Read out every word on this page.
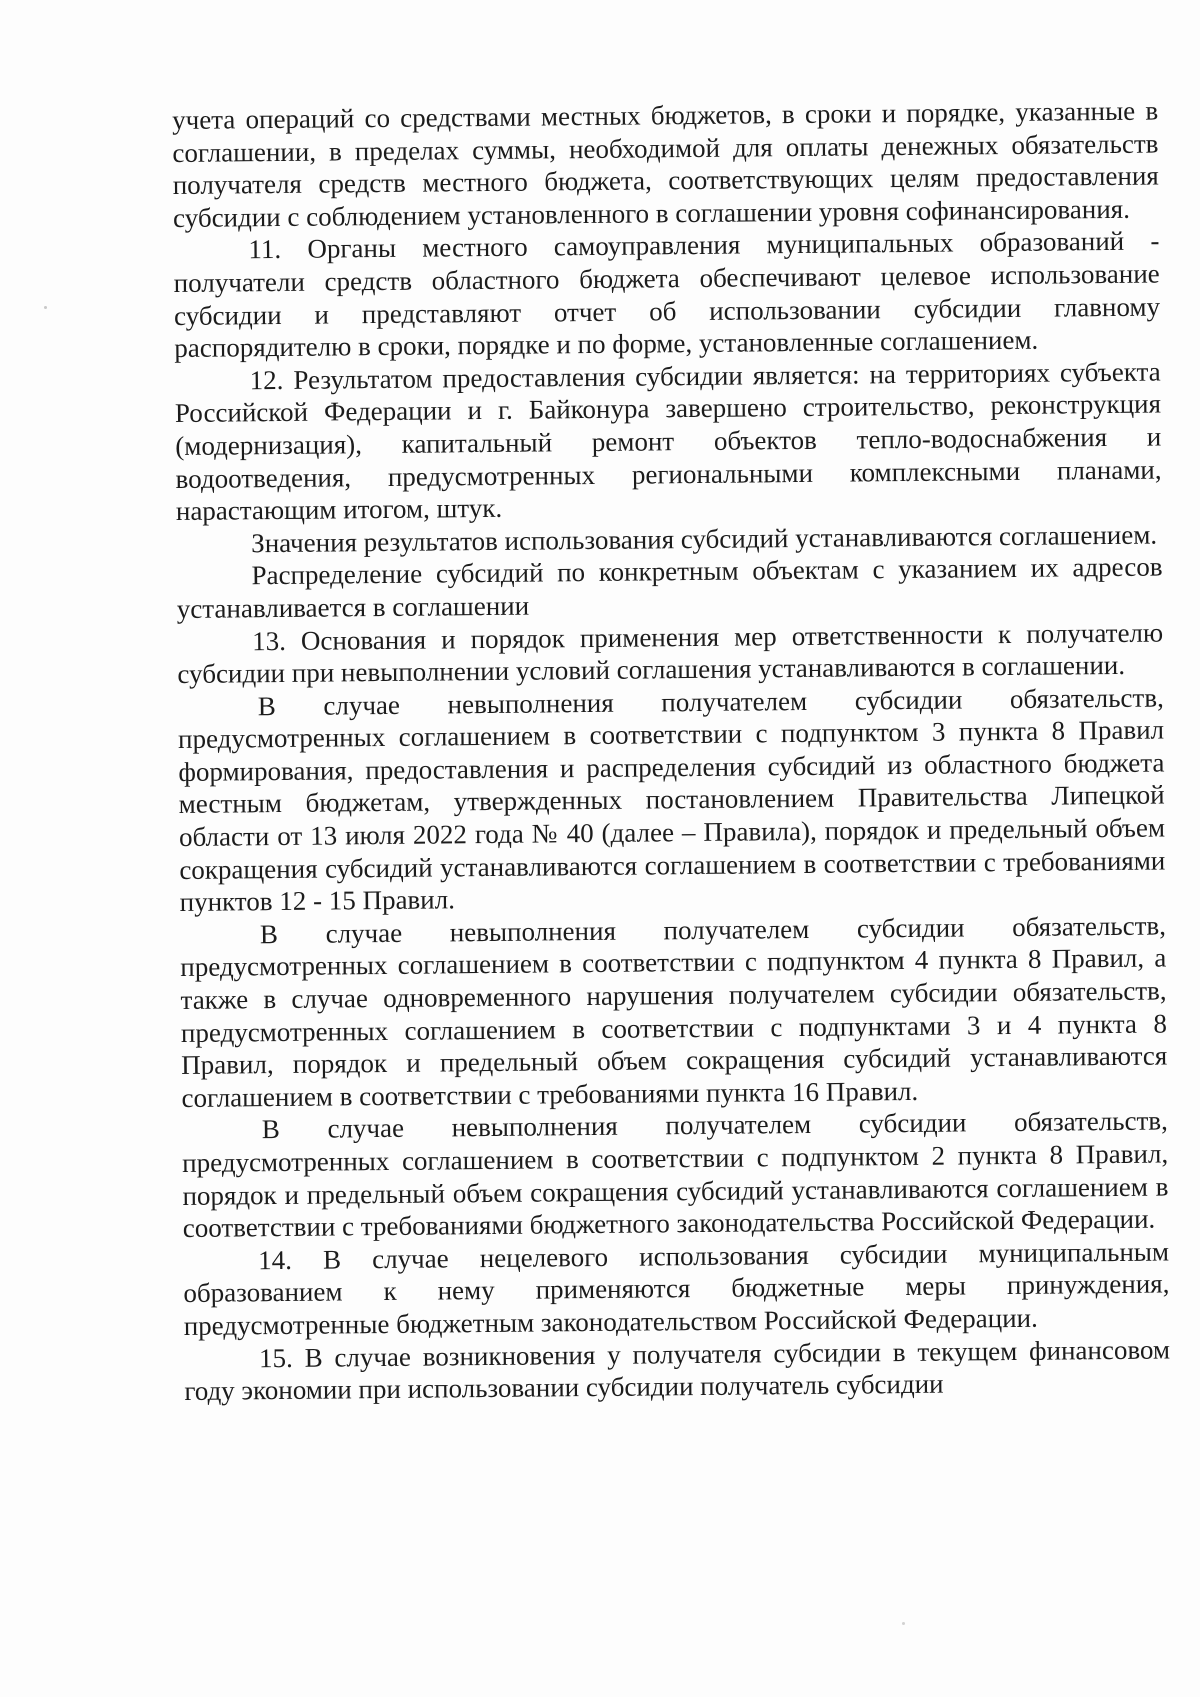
учета операций со средствами местных бюджетов, в сроки и порядке, указанные в соглашении, в пределах суммы, необходимой для оплаты денежных обязательств получателя средств местного бюджета, соответствующих целям предоставления субсидии с соблюдением установленного в соглашении уровня софинансирования.

11. Органы местного самоуправления муниципальных образований - получатели средств областного бюджета обеспечивают целевое использование субсидии и представляют отчет об использовании субсидии главному распорядителю в сроки, порядке и по форме, установленные соглашением.

12. Результатом предоставления субсидии является: на территориях субъекта Российской Федерации и г. Байконура завершено строительство, реконструкция (модернизация), капитальный ремонт объектов тепло-водоснабжения и водоотведения, предусмотренных региональными комплексными планами, нарастающим итогом, штук.

Значения результатов использования субсидий устанавливаются соглашением.

Распределение субсидий по конкретным объектам с указанием их адресов устанавливается в соглашении

13. Основания и порядок применения мер ответственности к получателю субсидии при невыполнении условий соглашения устанавливаются в соглашении.

В случае невыполнения получателем субсидии обязательств, предусмотренных соглашением в соответствии с подпунктом 3 пункта 8 Правил формирования, предоставления и распределения субсидий из областного бюджета местным бюджетам, утвержденных постановлением Правительства Липецкой области от 13 июля 2022 года № 40 (далее – Правила), порядок и предельный объем сокращения субсидий устанавливаются соглашением в соответствии с требованиями пунктов 12 - 15 Правил.

В случае невыполнения получателем субсидии обязательств, предусмотренных соглашением в соответствии с подпунктом 4 пункта 8 Правил, а также в случае одновременного нарушения получателем субсидии обязательств, предусмотренных соглашением в соответствии с подпунктами 3 и 4 пункта 8 Правил, порядок и предельный объем сокращения субсидий устанавливаются соглашением в соответствии с требованиями пункта 16 Правил.

В случае невыполнения получателем субсидии обязательств, предусмотренных соглашением в соответствии с подпунктом 2 пункта 8 Правил, порядок и предельный объем сокращения субсидий устанавливаются соглашением в соответствии с требованиями бюджетного законодательства Российской Федерации.

14. В случае нецелевого использования субсидии муниципальным образованием к нему применяются бюджетные меры принуждения, предусмотренные бюджетным законодательством Российской Федерации.

15. В случае возникновения у получателя субсидии в текущем финансовом году экономии при использовании субсидии получатель субсидии
